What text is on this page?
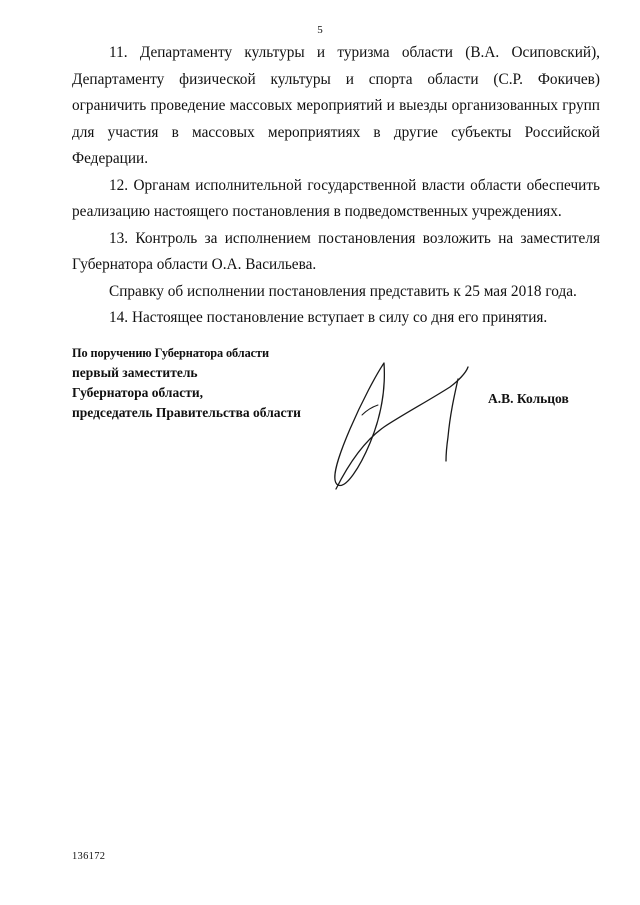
5

11. Департаменту культуры и туризма области (В.А. Осиповский), Департаменту физической культуры и спорта области (С.Р. Фокичев) ограничить проведение массовых мероприятий и выезды организованных групп для участия в массовых мероприятиях в другие субъекты Российской Федерации.

12. Органам исполнительной государственной власти области обеспечить реализацию настоящего постановления в подведомственных учреждениях.

13. Контроль за исполнением постановления возложить на заместителя Губернатора области О.А. Васильева.

Справку об исполнении постановления представить к 25 мая 2018 года.

14. Настоящее постановление вступает в силу со дня его принятия.

По поручению Губернатора области
первый заместитель
Губернатора области,
председатель Правительства области
А.В. Кольцов
136172
